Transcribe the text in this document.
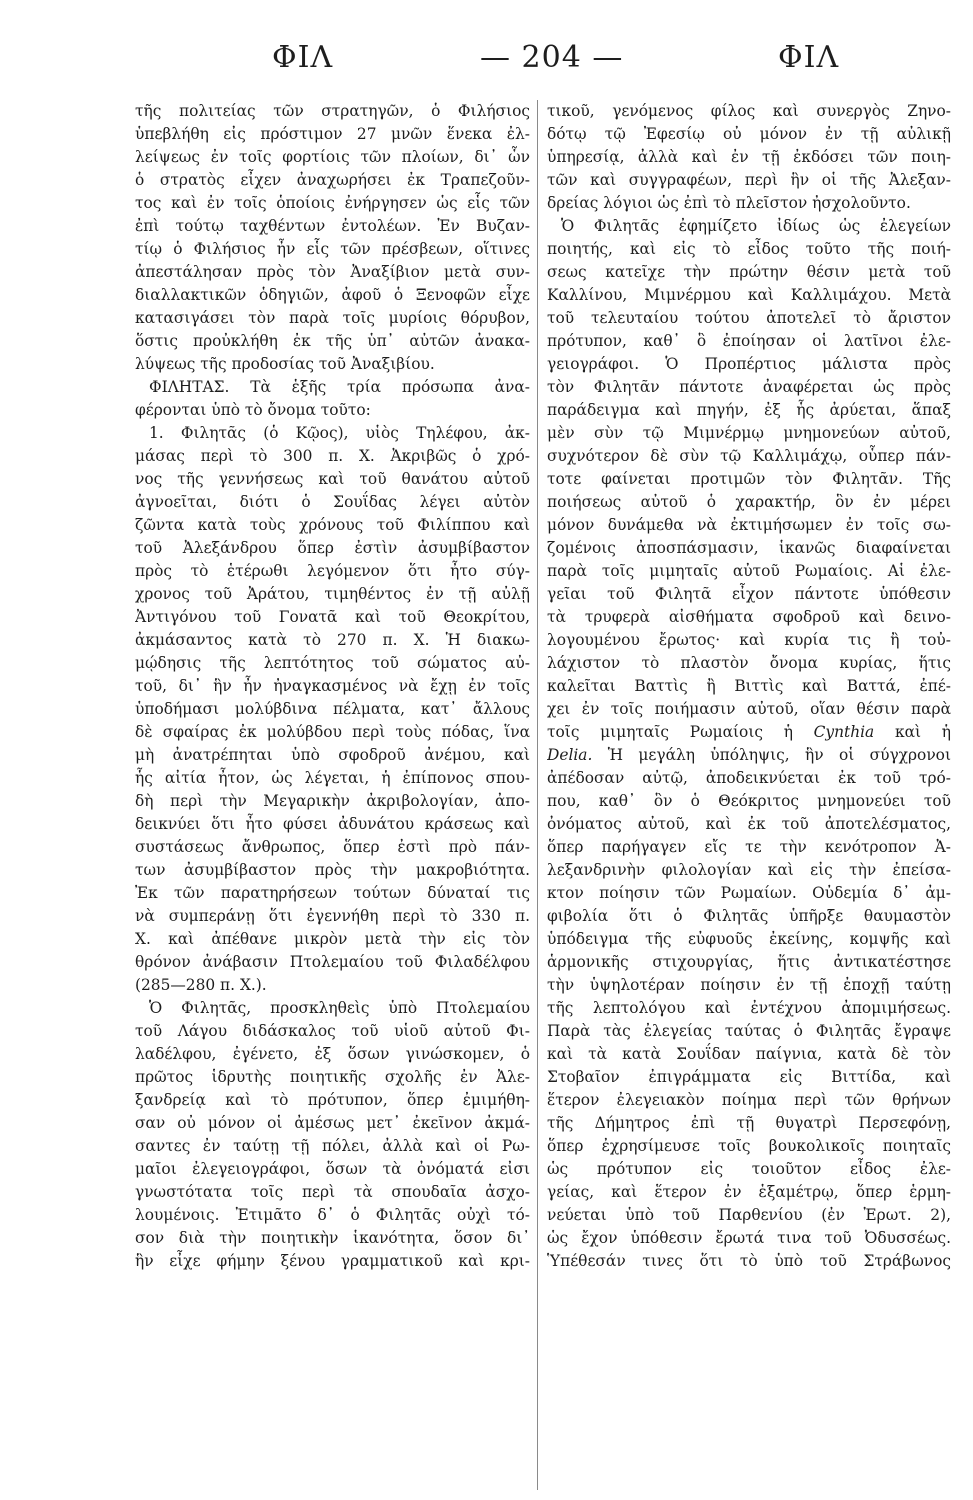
ΦΙΛ	— 204 —	ΦΙΛ
τῆς πολιτείας τῶν στρατηγῶν, ὁ Φιλήσιος
ὑπεβλήθη εἰς πρόστιμον 27 μνῶν ἕνεκα ἐλ-
λείψεως ἐν τοῖς φορτίοις τῶν πλοίων, δι᾽ ὧν
ὁ στρατὸς εἶχεν ἀναχωρήσει ἐκ Τραπεζοῦν-
τος καὶ ἐν τοῖς ὁποίοις ἐνήργησεν ὡς εἷς τῶν
ἐπὶ τούτῳ ταχθέντων ἐντολέων. Ἐν Βυζαν-
τίῳ ὁ Φιλήσιος ἦν εἷς τῶν πρέσβεων, οἵτινες
ἀπεστάλησαν πρὸς τὸν Ἀναξίβιον μετὰ συν-
διαλλακτικῶν ὁδηγιῶν, ἀφοῦ ὁ Ξενοφῶν εἶχε
κατασιγάσει τὸν παρὰ τοῖς μυρίοις θόρυβον,
ὅστις προὐκλήθη ἐκ τῆς ὑπ᾽ αὐτῶν ἀνακα-
λύψεως τῆς προδοσίας τοῦ Ἀναξιβίου.
ΦΙΛΗΤΑΣ. Τὰ ἑξῆς τρία πρόσωπα ἀνα-
φέρονται ὑπὸ τὸ ὄνομα τοῦτο:
1. Φιλητᾶς (ὁ Κῷος), υἱὸς Τηλέφου, ἀκ-
μάσας περὶ τὸ 300 π. Χ. Ἀκριβῶς ὁ χρό-
νος τῆς γεννήσεως καὶ τοῦ θανάτου αὐτοῦ
ἀγνοεῖται, διότι ὁ Σουΐδας λέγει αὐτὸν
ζῶντα κατὰ τοὺς χρόνους τοῦ Φιλίππου καὶ
τοῦ Ἀλεξάνδρου ὅπερ ἐστὶν ἀσυμβίβαστον
πρὸς τὸ ἑτέρωθι λεγόμενον ὅτι ἦτο σύγ-
χρονος τοῦ Ἀράτου, τιμηθέντος ἐν τῇ αὐλῇ
Ἀντιγόνου τοῦ Γονατᾶ καὶ τοῦ Θεοκρίτου,
ἀκμάσαντος κατὰ τὸ 270 π. Χ. Ἡ διακω-
μῴδησις τῆς λεπτότητος τοῦ σώματος αὐ-
τοῦ, δι᾽ ἣν ἦν ἠναγκασμένος νὰ ἔχῃ ἐν τοῖς
ὑποδήμασι μολύβδινα πέλματα, κατ᾽ ἄλλους
δὲ σφαίρας ἐκ μολύβδου περὶ τοὺς πόδας, ἵνα
μὴ ἀνατρέπηται ὑπὸ σφοδροῦ ἀνέμου, καὶ
ἧς αἰτία ἦτον, ὡς λέγεται, ἡ ἐπίπονος σπου-
δὴ περὶ τὴν Μεγαρικὴν ἀκριβολογίαν, ἀπο-
δεικνύει ὅτι ἦτο φύσει ἀδυνάτου κράσεως καὶ
συστάσεως ἄνθρωπος, ὅπερ ἐστὶ πρὸ πάν-
των ἀσυμβίβαστον πρὸς τὴν μακροβιότητα.
Ἐκ τῶν παρατηρήσεων τούτων δύναταί τις
νὰ συμπεράνῃ ὅτι ἐγεννήθη περὶ τὸ 330 π.
Χ. καὶ ἀπέθανε μικρὸν μετὰ τὴν εἰς τὸν
θρόνον ἀνάβασιν Πτολεμαίου τοῦ Φιλαδέλφου
(285—280 π. Χ.).
Ὁ Φιλητᾶς, προσκληθεὶς ὑπὸ Πτολεμαίου
τοῦ Λάγου διδάσκαλος τοῦ υἱοῦ αὐτοῦ Φι-
λαδέλφου, ἐγένετο, ἐξ ὅσων γινώσκομεν, ὁ
πρῶτος ἱδρυτὴς ποιητικῆς σχολῆς ἐν Ἀλε-
ξανδρείᾳ καὶ τὸ πρότυπον, ὅπερ ἐμιμήθη-
σαν οὐ μόνον οἱ ἀμέσως μετ᾽ ἐκεῖνον ἀκμά-
σαντες ἐν ταύτῃ τῇ πόλει, ἀλλὰ καὶ οἱ Ρω-
μαῖοι ἐλεγειογράφοι, ὅσων τὰ ὀνόματά εἰσι
γνωστότατα τοῖς περὶ τὰ σπουδαῖα ἀσχο-
λουμένοις. Ἐτιμᾶτο δ᾽ ὁ Φιλητᾶς οὐχὶ τό-
σον διὰ τὴν ποιητικὴν ἱκανότητα, ὅσον δι᾽
ἣν εἶχε φήμην ξένου γραμματικοῦ καὶ κρι-
τικοῦ, γενόμενος φίλος καὶ συνεργὸς Ζηνο-
δότῳ τῷ Ἐφεσίῳ οὐ μόνον ἐν τῇ αὐλικῇ
ὑπηρεσίᾳ, ἀλλὰ καὶ ἐν τῇ ἐκδόσει τῶν ποιη-
τῶν καὶ συγγραφέων, περὶ ἣν οἱ τῆς Ἀλεξαν-
δρείας λόγιοι ὡς ἐπὶ τὸ πλεῖστον ἠσχολοῦντο.
Ὁ Φιλητᾶς ἐφημίζετο ἰδίως ὡς ἐλεγείων
ποιητής, καὶ εἰς τὸ εἶδος τοῦτο τῆς ποιή-
σεως κατεῖχε τὴν πρώτην θέσιν μετὰ τοῦ
Καλλίνου, Μιμνέρμου καὶ Καλλιμάχου. Μετὰ
τοῦ τελευταίου τούτου ἀποτελεῖ τὸ ἄριστον
πρότυπον, καθ᾽ ὃ ἐποίησαν οἱ λατῖνοι ἐλε-
γειογράφοι. Ὁ Προπέρτιος μάλιστα πρὸς
τὸν Φιλητᾶν πάντοτε ἀναφέρεται ὡς πρὸς
παράδειγμα καὶ πηγήν, ἐξ ἧς ἀρύεται, ἅπαξ
μὲν σὺν τῷ Μιμνέρμῳ μνημονεύων αὐτοῦ,
συχνότερον δὲ σὺν τῷ Καλλιμάχῳ, οὗπερ πάν-
τοτε φαίνεται προτιμῶν τὸν Φιλητᾶν. Τῆς
ποιήσεως αὐτοῦ ὁ χαρακτήρ, ὃν ἐν μέρει
μόνον δυνάμεθα νὰ ἐκτιμήσωμεν ἐν τοῖς σω-
ζομένοις ἀποσπάσμασιν, ἱκανῶς διαφαίνεται
παρὰ τοῖς μιμηταῖς αὐτοῦ Ρωμαίοις. Αἱ ἐλε-
γεῖαι τοῦ Φιλητᾶ εἶχον πάντοτε ὑπόθεσιν
τὰ τρυφερὰ αἰσθήματα σφοδροῦ καὶ δεινο-
λογουμένου ἔρωτος· καὶ κυρία τις ἢ τοὐ-
λάχιστον τὸ πλαστὸν ὄνομα κυρίας, ἥτις
καλεῖται Βαττὶς ἢ Βιττὶς καὶ Βαττά, ἐπέ-
χει ἐν τοῖς ποιήμασιν αὐτοῦ, οἵαν θέσιν παρὰ
τοῖς μιμηταῖς Ρωμαίοις ἡ Cynthia καὶ ἡ
Delia. Ἡ μεγάλη ὑπόληψις, ἣν οἱ σύγχρονοι
ἀπέδοσαν αὐτῷ, ἀποδεικνύεται ἐκ τοῦ τρό-
που, καθ᾽ ὃν ὁ Θεόκριτος μνημονεύει τοῦ
ὀνόματος αὐτοῦ, καὶ ἐκ τοῦ ἀποτελέσματος,
ὅπερ παρήγαγεν εἴς τε τὴν κενότροπον Ἀ-
λεξανδρινὴν φιλολογίαν καὶ εἰς τὴν ἐπείσα-
κτον ποίησιν τῶν Ρωμαίων. Οὐδεμία δ᾽ ἀμ-
φιβολία ὅτι ὁ Φιλητᾶς ὑπῆρξε θαυμαστὸν
ὑπόδειγμα τῆς εὐφυοῦς ἐκείνης, κομψῆς καὶ
ἁρμονικῆς στιχουργίας, ἥτις ἀντικατέστησε
τὴν ὑψηλοτέραν ποίησιν ἐν τῇ ἐποχῇ ταύτῃ
τῆς λεπτολόγου καὶ ἐντέχνου ἀπομιμήσεως.
Παρὰ τὰς ἐλεγείας ταύτας ὁ Φιλητᾶς ἔγραψε
καὶ τὰ κατὰ Σουΐδαν παίγνια, κατὰ δὲ τὸν
Στοβαῖον ἐπιγράμματα εἰς Βιττίδα, καὶ
ἕτερον ἐλεγειακὸν ποίημα περὶ τῶν θρήνων
τῆς Δήμητρος ἐπὶ τῇ θυγατρὶ Περσεφόνῃ,
ὅπερ ἐχρησίμευσε τοῖς βουκολικοῖς ποιηταῖς
ὡς πρότυπον εἰς τοιοῦτον εἶδος ἐλε-
γείας, καὶ ἕτερον ἐν ἑξαμέτρῳ, ὅπερ ἑρμη-
νεύεται ὑπὸ τοῦ Παρθενίου (ἐν Ἐρωτ. 2),
ὡς ἔχον ὑπόθεσιν ἔρωτά τινα τοῦ Ὀδυσσέως.
Ὑπέθεσάν τινες ὅτι τὸ ὑπὸ τοῦ Στράβωνος
